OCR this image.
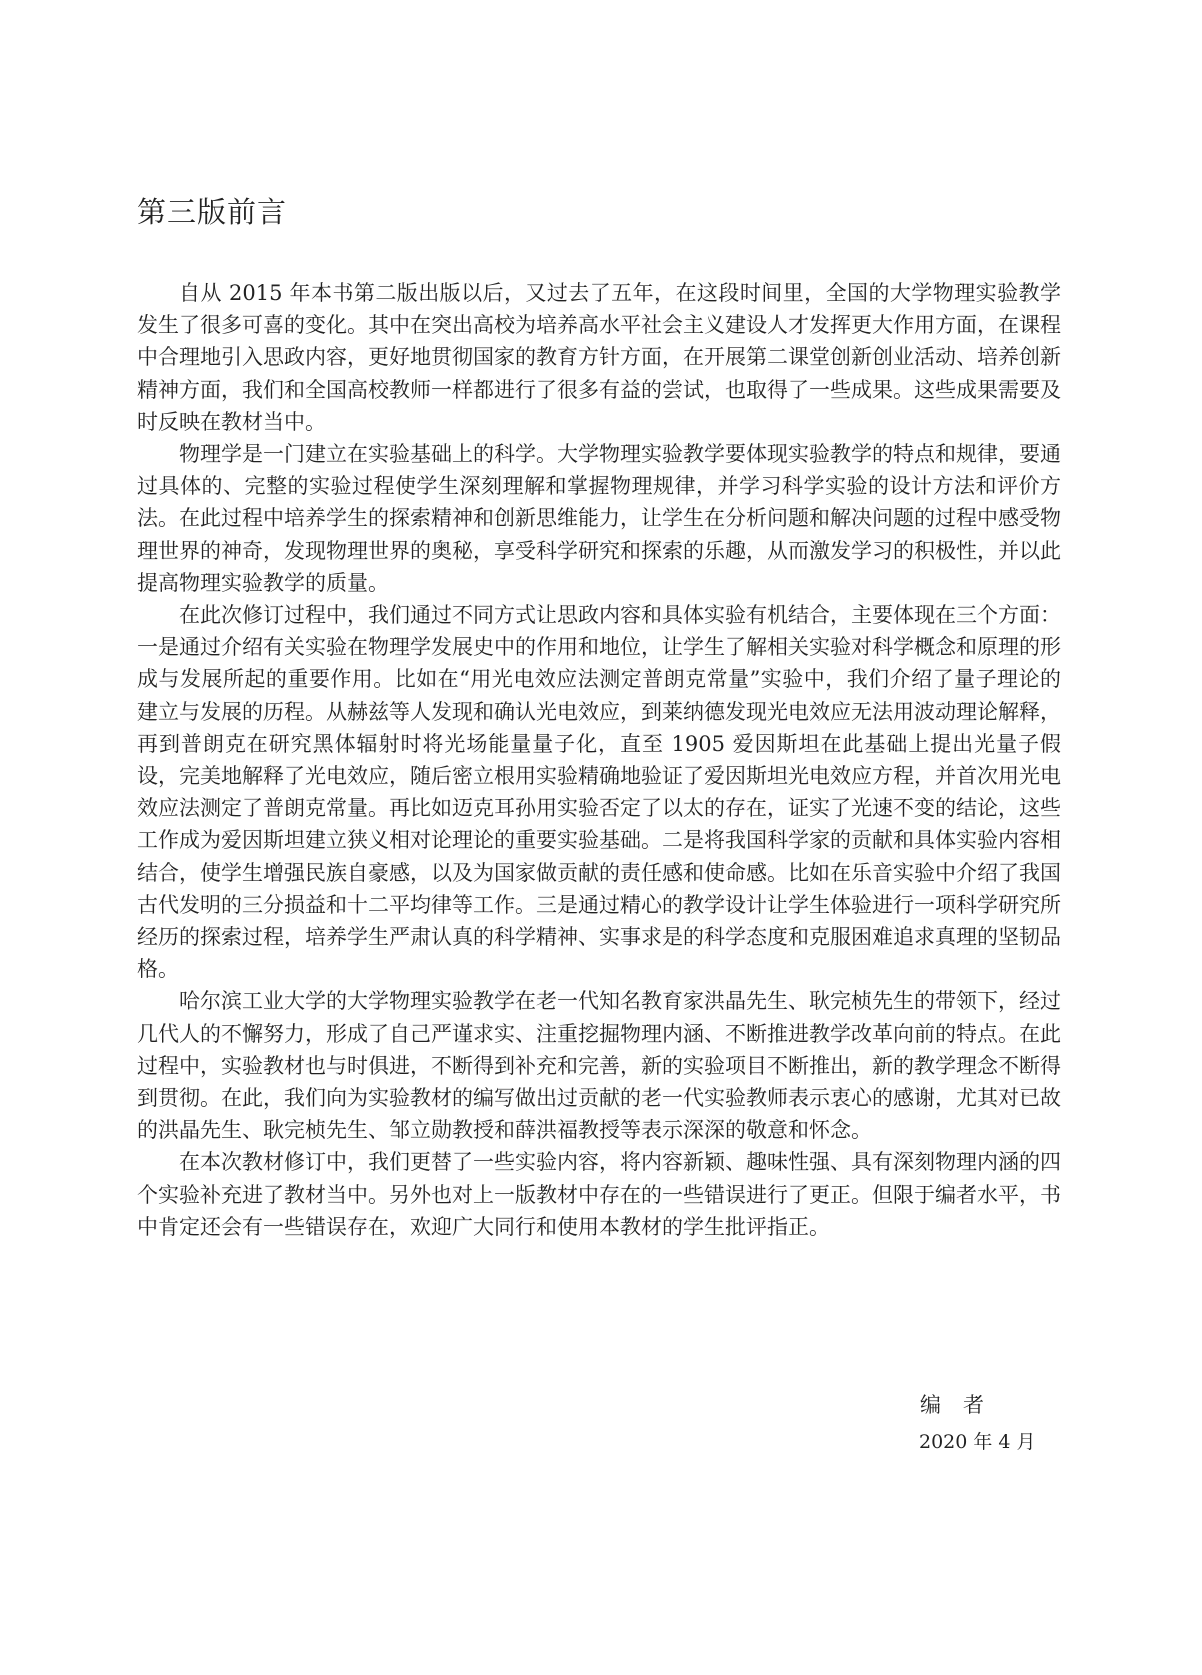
第三版前言

自从 2015 年本书第二版出版以后，又过去了五年，在这段时间里，全国的大学物理实验教学发生了很多可喜的变化。其中在突出高校为培养高水平社会主义建设人才发挥更大作用方面，在课程中合理地引入思政内容，更好地贯彻国家的教育方针方面，在开展第二课堂创新创业活动、培养创新精神方面，我们和全国高校教师一样都进行了很多有益的尝试，也取得了一些成果。这些成果需要及时反映在教材当中。

物理学是一门建立在实验基础上的科学。大学物理实验教学要体现实验教学的特点和规律，要通过具体的、完整的实验过程使学生深刻理解和掌握物理规律，并学习科学实验的设计方法和评价方法。在此过程中培养学生的探索精神和创新思维能力，让学生在分析问题和解决问题的过程中感受物理世界的神奇，发现物理世界的奥秘，享受科学研究和探索的乐趣，从而激发学习的积极性，并以此提高物理实验教学的质量。

在此次修订过程中，我们通过不同方式让思政内容和具体实验有机结合，主要体现在三个方面：一是通过介绍有关实验在物理学发展史中的作用和地位，让学生了解相关实验对科学概念和原理的形成与发展所起的重要作用。比如在“用光电效应法测定普朗克常量”实验中，我们介绍了量子理论的建立与发展的历程。从赫兹等人发现和确认光电效应，到莱纳德发现光电效应无法用波动理论解释，再到普朗克在研究黑体辐射时将光场能量量子化，直至 1905 爱因斯坦在此基础上提出光量子假设，完美地解释了光电效应，随后密立根用实验精确地验证了爱因斯坦光电效应方程，并首次用光电效应法测定了普朗克常量。再比如迈克耳孙用实验否定了以太的存在，证实了光速不变的结论，这些工作成为爱因斯坦建立狭义相对论理论的重要实验基础。二是将我国科学家的贡献和具体实验内容相结合，使学生增强民族自豪感，以及为国家做贡献的责任感和使命感。比如在乐音实验中介绍了我国古代发明的三分损益和十二平均律等工作。三是通过精心的教学设计让学生体验进行一项科学研究所经历的探索过程，培养学生严肃认真的科学精神、实事求是的科学态度和克服困难追求真理的坚韧品格。

哈尔滨工业大学的大学物理实验教学在老一代知名教育家洪晶先生、耿完桢先生的带领下，经过几代人的不懈努力，形成了自己严谨求实、注重挖掘物理内涵、不断推进教学改革向前的特点。在此过程中，实验教材也与时俱进，不断得到补充和完善，新的实验项目不断推出，新的教学理念不断得到贯彻。在此，我们向为实验教材的编写做出过贡献的老一代实验教师表示衷心的感谢，尤其对已故的洪晶先生、耿完桢先生、邹立勋教授和薛洪福教授等表示深深的敬意和怀念。

在本次教材修订中，我们更替了一些实验内容，将内容新颖、趣味性强、具有深刻物理内涵的四个实验补充进了教材当中。另外也对上一版教材中存在的一些错误进行了更正。但限于编者水平，书中肯定还会有一些错误存在，欢迎广大同行和使用本教材的学生批评指正。

编者
2020 年 4 月
